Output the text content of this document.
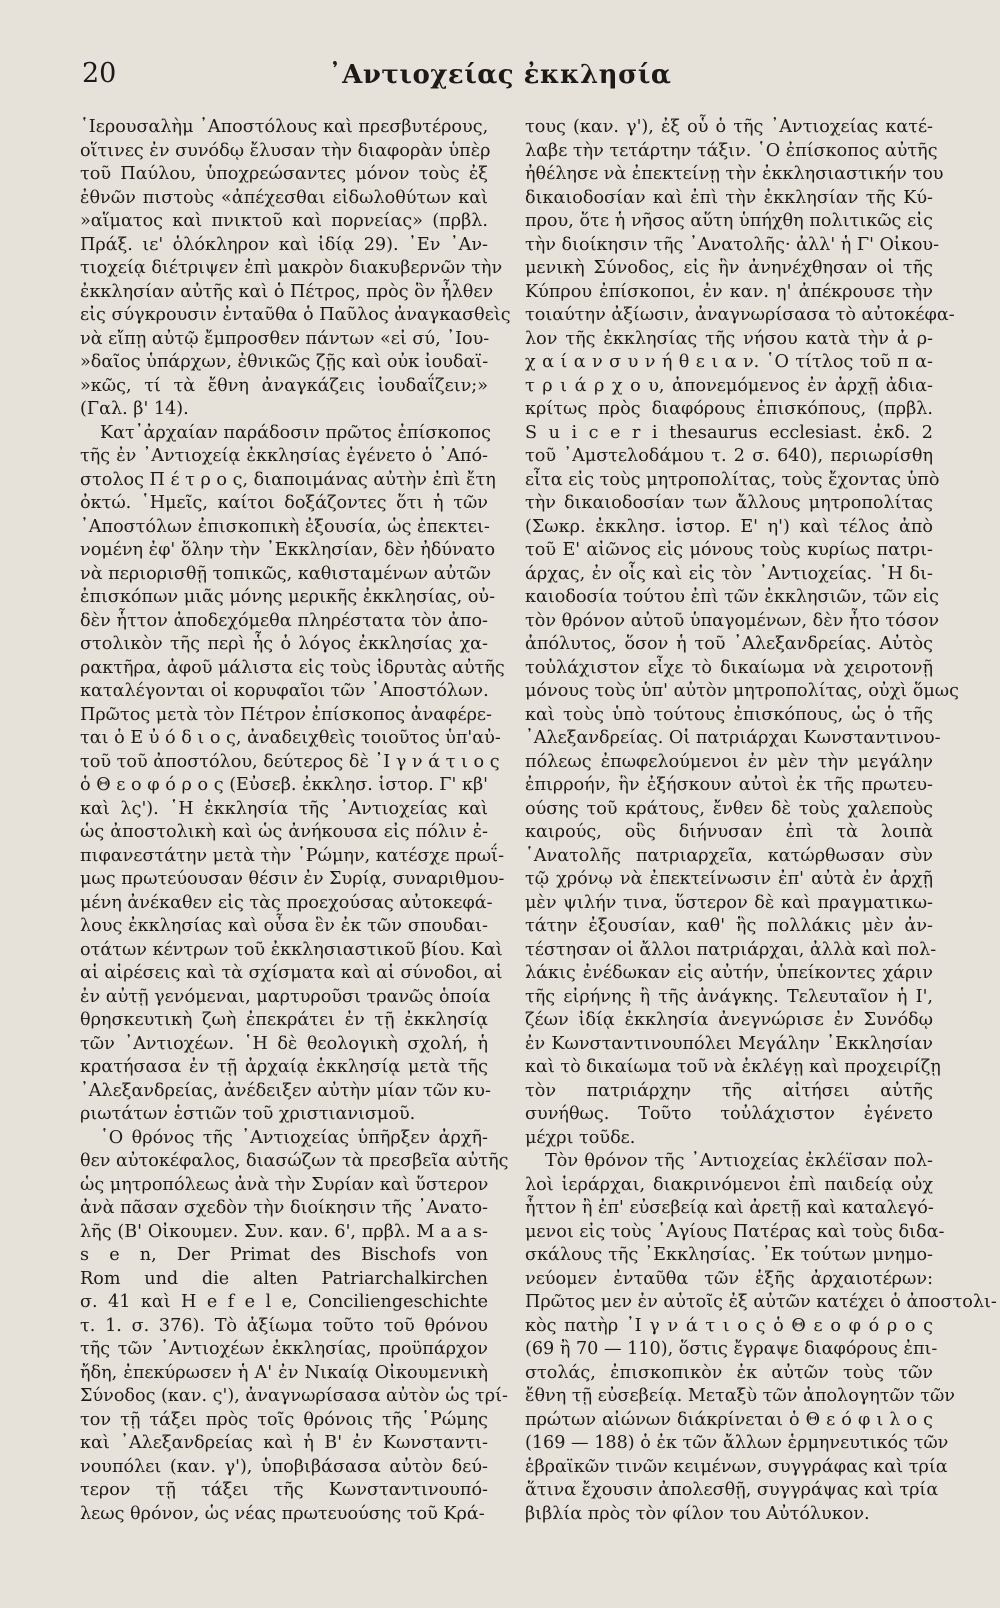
20	᾿Αντιοχείας ἐκκλησία
῾Ιερουσαλὴμ ᾿Αποστόλους καὶ πρεσβυτέρους,
οἵτινες ἐν συνόδῳ ἔλυσαν τὴν διαφορὰν ὑπὲρ
τοῦ Παύλου, ὑποχρεώσαντες μόνον τοὺς ἐξ
ἐθνῶν πιστοὺς «ἀπέχεσθαι εἰδωλοθύτων καὶ
»αἵματος καὶ πνικτοῦ καὶ πορνείας» (πρβλ.
Πράξ. ιε' ὁλόκληρον καὶ ἰδίᾳ 29). ᾿Εν ᾿Αν-
τιοχείᾳ διέτριψεν ἐπὶ μακρὸν διακυβερνῶν τὴν
ἐκκλησίαν αὐτῆς καὶ ὁ Πέτρος, πρὸς ὃν ἦλθεν
εἰς σύγκρουσιν ἐνταῦθα ὁ Παῦλος ἀναγκασθεὶς
νὰ εἴπῃ αὐτῷ ἔμπροσθεν πάντων «εἰ σύ, ᾿Ιου-
»δαῖος ὑπάρχων, ἐθνικῶς ζῇς καὶ οὐκ ἰουδαϊ-
»κῶς, τί τὰ ἔθνη ἀναγκάζεις ἰουδαΐζειν;»
(Γαλ. β' 14).
Κατ᾿ἀρχαίαν παράδοσιν πρῶτος ἐπίσκοπος
τῆς ἐν ᾿Αντιοχείᾳ ἐκκλησίας ἐγένετο ὁ ᾿Από-
στολος Π έ τ ρ ο ς, διαποιμάνας αὐτὴν ἐπὶ ἔτη
ὀκτώ. ῾Ημεῖς, καίτοι δοξάζοντες ὅτι ἡ τῶν
᾿Αποστόλων ἐπισκοπικὴ ἐξουσία, ὡς ἐπεκτει-
νομένη ἐφ' ὅλην τὴν ᾿Εκκλησίαν, δὲν ἠδύνατο
νὰ περιορισθῇ τοπικῶς, καθισταμένων αὐτῶν
ἐπισκόπων μιᾶς μόνης μερικῆς ἐκκλησίας, οὐ-
δὲν ἧττον ἀποδεχόμεθα πληρέστατα τὸν ἀπο-
στολικὸν τῆς περὶ ἧς ὁ λόγος ἐκκλησίας χα-
ρακτῆρα, ἀφοῦ μάλιστα εἰς τοὺς ἱδρυτὰς αὐτῆς
καταλέγονται οἱ κορυφαῖοι τῶν ᾿Αποστόλων.
Πρῶτος μετὰ τὸν Πέτρον ἐπίσκοπος ἀναφέρε-
ται ὁ Ε ὐ ό δ ι ο ς, ἀναδειχθεὶς τοιοῦτος ὑπ'αὐ-
τοῦ τοῦ ἀποστόλου, δεύτερος δὲ ᾿Ι γ ν ά τ ι ο ς
ὁ Θ ε ο φ ό ρ ο ς (Εὐσεβ. ἐκκλησ. ἱστορ. Γ' κβ'
καὶ λς'). ῾Η ἐκκλησία τῆς ᾿Αντιοχείας καὶ
ὡς ἀποστολικὴ καὶ ὡς ἀνήκουσα εἰς πόλιν ἐ-
πιφανεστάτην μετὰ τὴν ῾Ρώμην, κατέσχε πρωΐ-
μως πρωτεύουσαν θέσιν ἐν Συρίᾳ, συναριθμου-
μένη ἀνέκαθεν εἰς τὰς προεχούσας αὐτοκεφά-
λους ἐκκλησίας καὶ οὖσα ἓν ἐκ τῶν σπουδαι-
οτάτων κέντρων τοῦ ἐκκλησιαστικοῦ βίου. Καὶ
αἱ αἱρέσεις καὶ τὰ σχίσματα καὶ αἱ σύνοδοι, αἱ
ἐν αὐτῇ γενόμεναι, μαρτυροῦσι τρανῶς ὁποία
θρησκευτικὴ ζωὴ ἐπεκράτει ἐν τῇ ἐκκλησίᾳ
τῶν ᾿Αντιοχέων. ῾Η δὲ θεολογικὴ σχολή, ἡ
κρατήσασα ἐν τῇ ἀρχαίᾳ ἐκκλησίᾳ μετὰ τῆς
᾿Αλεξανδρείας, ἀνέδειξεν αὐτὴν μίαν τῶν κυ-
ριωτάτων ἑστιῶν τοῦ χριστιανισμοῦ.
῾Ο θρόνος τῆς ᾿Αντιοχείας ὑπῆρξεν ἀρχῆ-
θεν αὐτοκέφαλος, διασώζων τὰ πρεσβεῖα αὐτῆς
ὡς μητροπόλεως ἀνὰ τὴν Συρίαν καὶ ὕστερον
ἀνὰ πᾶσαν σχεδὸν τὴν διοίκησιν τῆς ᾿Ανατο-
λῆς (Β' Οἰκουμεν. Συν. καν. 6', πρβλ. M a a s-
s e n, Der Primat des Bischofs von
Rom und die alten Patriarchalkirchen
σ. 41 καὶ H e f e l e, Conciliengeschichte
τ. 1. σ. 376). Τὸ ἀξίωμα τοῦτο τοῦ θρόνου
τῆς τῶν ᾿Αντιοχέων ἐκκλησίας, προϋπάρχον
ἤδη, ἐπεκύρωσεν ἡ Α' ἐν Νικαίᾳ Οἰκουμενικὴ
Σύνοδος (καν. ς'), ἀναγνωρίσασα αὐτὸν ὡς τρί-
τον τῇ τάξει πρὸς τοῖς θρόνοις τῆς ῾Ρώμης
καὶ ᾿Αλεξανδρείας καὶ ἡ Β' ἐν Κωνσταντι-
νουπόλει (καν. γ'), ὑποβιβάσασα αὐτὸν δεύ-
τερον τῇ τάξει τῆς Κωνσταντινουπό-
λεως θρόνον, ὡς νέας πρωτευούσης τοῦ Κρά-
τους (καν. γ'), ἐξ οὗ ὁ τῆς ᾿Αντιοχείας κατέ-
λαβε τὴν τετάρτην τάξιν. ῾Ο ἐπίσκοπος αὐτῆς
ἠθέλησε νὰ ἐπεκτείνῃ τὴν ἐκκλησιαστικήν του
δικαιοδοσίαν καὶ ἐπὶ τὴν ἐκκλησίαν τῆς Κύ-
πρου, ὅτε ἡ νῆσος αὕτη ὑπήχθη πολιτικῶς εἰς
τὴν διοίκησιν τῆς ᾿Ανατολῆς· ἀλλ' ἡ Γ' Οἰκου-
μενικὴ Σύνοδος, εἰς ἣν ἀνηνέχθησαν οἱ τῆς
Κύπρου ἐπίσκοποι, ἐν καν. η' ἀπέκρουσε τὴν
τοιαύτην ἀξίωσιν, ἀναγνωρίσασα τὸ αὐτοκέφα-
λον τῆς ἐκκλησίας τῆς νήσου κατὰ τὴν ἀ ρ-
χ α ί α ν σ υ ν ή θ ε ι α ν. ῾Ο τίτλος τοῦ π α-
τ ρ ι ά ρ χ ο υ, ἀπονεμόμενος ἐν ἀρχῇ ἀδια-
κρίτως πρὸς διαφόρους ἐπισκόπους, (πρβλ.
S u i c e r i thesaurus ecclesiast. ἐκδ. 2
τοῦ ᾿Αμστελοδάμου τ. 2 σ. 640), περιωρίσθη
εἶτα εἰς τοὺς μητροπολίτας, τοὺς ἔχοντας ὑπὸ
τὴν δικαιοδοσίαν των ἄλλους μητροπολίτας
(Σωκρ. ἐκκλησ. ἱστορ. Ε' η') καὶ τέλος ἀπὸ
τοῦ Ε' αἰῶνος εἰς μόνους τοὺς κυρίως πατρι-
άρχας, ἐν οἷς καὶ εἰς τὸν ᾿Αντιοχείας. ῾Η δι-
καιοδοσία τούτου ἐπὶ τῶν ἐκκλησιῶν, τῶν εἰς
τὸν θρόνον αὐτοῦ ὑπαγομένων, δὲν ἦτο τόσον
ἀπόλυτος, ὅσον ἡ τοῦ ᾿Αλεξανδρείας. Αὐτὸς
τοὐλάχιστον εἶχε τὸ δικαίωμα νὰ χειροτονῇ
μόνους τοὺς ὑπ' αὐτὸν μητροπολίτας, οὐχὶ ὅμως
καὶ τοὺς ὑπὸ τούτους ἐπισκόπους, ὡς ὁ τῆς
᾿Αλεξανδρείας. Οἱ πατριάρχαι Κωνσταντινου-
πόλεως ἐπωφελούμενοι ἐν μὲν τὴν μεγάλην
ἐπιρροήν, ἣν ἐξήσκουν αὐτοὶ ἐκ τῆς πρωτευ-
ούσης τοῦ κράτους, ἔνθεν δὲ τοὺς χαλεποὺς
καιρούς, οὓς διήνυσαν ἐπὶ τὰ λοιπὰ
῾Ανατολῆς πατριαρχεῖα, κατώρθωσαν σὺν
τῷ χρόνῳ νὰ ἐπεκτείνωσιν ἐπ' αὐτὰ ἐν ἀρχῇ
μὲν ψιλήν τινα, ὕστερον δὲ καὶ πραγματικω-
τάτην ἐξουσίαν, καθ' ἣς πολλάκις μὲν ἀν-
τέστησαν οἱ ἄλλοι πατριάρχαι, ἀλλὰ καὶ πολ-
λάκις ἐνέδωκαν εἰς αὐτήν, ὑπείκοντες χάριν
τῆς εἰρήνης ἢ τῆς ἀνάγκης. Τελευταῖον ἡ Ι',
ζέων ἰδίᾳ ἐκκλησία ἀνεγνώρισε ἐν Συνόδῳ
ἐν Κωνσταντινουπόλει Μεγάλην ᾿Εκκλησίαν
καὶ τὸ δικαίωμα τοῦ νὰ ἐκλέγῃ καὶ προχειρίζῃ
τὸν πατριάρχην τῆς αἰτήσει αὐτῆς
συνήθως. Τοῦτο τοὐλάχιστον ἐγένετο
μέχρι τοῦδε.
Τὸν θρόνον τῆς ᾿Αντιοχείας ἐκλέϊσαν πολ-
λοὶ ἱεράρχαι, διακρινόμενοι ἐπὶ παιδείᾳ οὐχ
ἧττον ἢ ἐπ' εὐσεβείᾳ καὶ ἀρετῇ καὶ καταλεγό-
μενοι εἰς τοὺς ῾Αγίους Πατέρας καὶ τοὺς διδα-
σκάλους τῆς ᾿Εκκλησίας. ᾿Εκ τούτων μνημο-
νεύομεν ἐνταῦθα τῶν ἑξῆς ἀρχαιοτέρων:
Πρῶτος μεν ἐν αὐτοῖς ἐξ αὐτῶν κατέχει ὁ ἀποστολι-
κὸς πατὴρ ᾿Ι γ ν ά τ ι ο ς ὁ Θ ε ο φ ό ρ ο ς
(69 ἢ 70 — 110), ὅστις ἔγραψε διαφόρους ἐπι-
στολάς, ἐπισκοπικὸν ἐκ αὐτῶν τοὺς τῶν
ἔθνη τῇ εὐσεβείᾳ. Μεταξὺ τῶν ἀπολογητῶν τῶν
πρώτων αἰώνων διάκρίνεται ὁ Θ ε ό φ ι λ ο ς
(169 — 188) ὁ ἐκ τῶν ἄλλων ἑρμηνευτικός τῶν
ἑβραϊκῶν τινῶν κειμένων, συγγράφας καὶ τρία
ἅτινα ἔχουσιν ἀπολεσθῇ, συγγράψας καὶ τρία
βιβλία πρὸς τὸν φίλον του Αὐτόλυκον.
